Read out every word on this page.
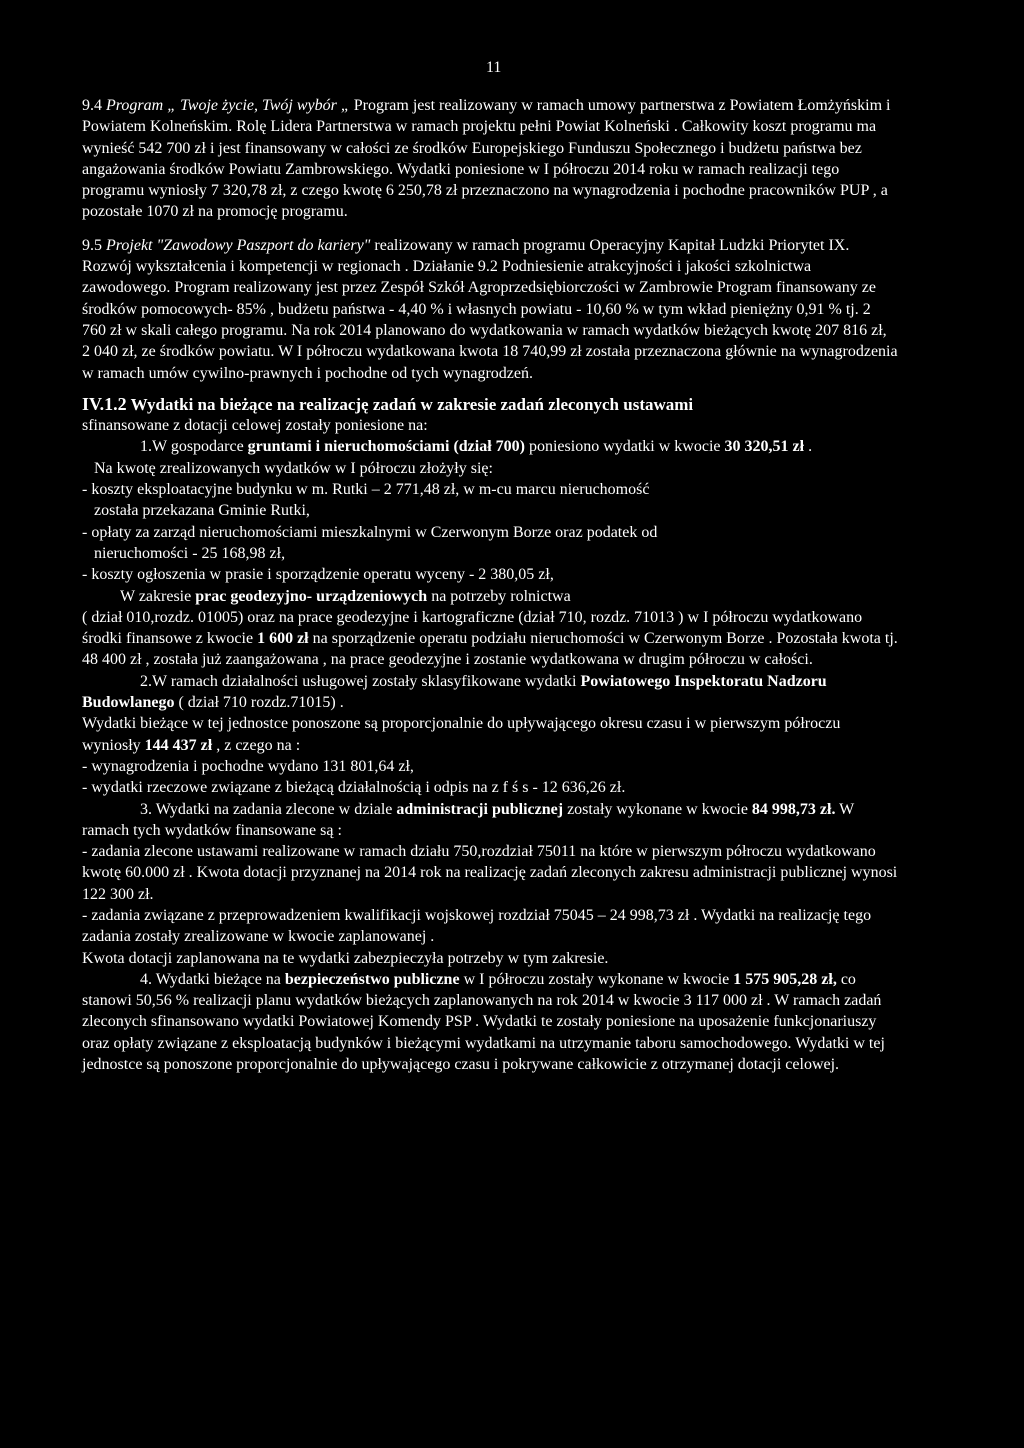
11

9.4 Program „ Twoje życie, Twój wybór „ Program jest realizowany w ramach umowy partnerstwa z Powiatem Łomżyńskim i Powiatem Kolneńskim. Rolę Lidera Partnerstwa w ramach projektu pełni Powiat Kolneński . Całkowity koszt programu ma wynieść 542 700 zł i jest finansowany w całości ze środków Europejskiego Funduszu Społecznego i budżetu państwa bez angażowania środków Powiatu Zambrowskiego. Wydatki poniesione w I półroczu 2014 roku w ramach realizacji tego programu wyniosły 7 320,78 zł, z czego kwotę 6 250,78 zł przeznaczono na wynagrodzenia i pochodne pracowników PUP , a pozostałe 1070 zł na promocję programu.

9.5 Projekt "Zawodowy Paszport do kariery" realizowany w ramach programu Operacyjny Kapitał Ludzki Priorytet IX. Rozwój wykształcenia i kompetencji w regionach . Działanie 9.2 Podniesienie atrakcyjności i jakości szkolnictwa zawodowego. Program realizowany jest przez Zespół Szkół Agroprzedsiębiorczości w Zambrowie Program finansowany ze środków pomocowych- 85% , budżetu państwa - 4,40 % i własnych powiatu - 10,60 % w tym wkład pieniężny 0,91 % tj. 2 760 zł w skali całego programu. Na rok 2014 planowano do wydatkowania w ramach wydatków bieżących kwotę 207 816 zł, 2 040 zł, ze środków powiatu. W I półroczu wydatkowana kwota 18 740,99 zł została przeznaczona głównie na wynagrodzenia w ramach umów cywilno-prawnych i pochodne od tych wynagrodzeń.

IV.1.2 Wydatki na bieżące na realizację zadań w zakresie zadań zleconych ustawami

sfinansowane z dotacji celowej zostały poniesione na:

1.W gospodarce gruntami i nieruchomościami (dział 700) poniesiono wydatki w kwocie 30 320,51 zł .

Na kwotę zrealizowanych wydatków w I półroczu złożyły się:

- koszty eksploatacyjne budynku w m. Rutki – 2 771,48 zł, w m-cu marcu nieruchomość

została przekazana Gminie Rutki,

- opłaty za zarząd nieruchomościami mieszkalnymi w Czerwonym Borze oraz podatek od

nieruchomości - 25 168,98 zł,

- koszty ogłoszenia w prasie i sporządzenie operatu wyceny - 2 380,05 zł,

W zakresie prac geodezyjno- urządzeniowych na potrzeby rolnictwa

( dział 010,rozdz. 01005) oraz na prace geodezyjne i kartograficzne (dział 710, rozdz. 71013 ) w I półroczu wydatkowano środki finansowe z kwocie 1 600 zł na sporządzenie operatu podziału nieruchomości w Czerwonym Borze . Pozostała kwota tj. 48 400 zł , została już zaangażowana , na prace geodezyjne i zostanie wydatkowana w drugim półroczu w całości.

2.W ramach działalności usługowej zostały sklasyfikowane wydatki Powiatowego Inspektoratu Nadzoru Budowlanego ( dział 710 rozdz.71015) .

Wydatki bieżące w tej jednostce ponoszone są proporcjonalnie do upływającego okresu czasu i w pierwszym półroczu wyniosły 144 437 zł , z czego na :

- wynagrodzenia i pochodne wydano 131 801,64 zł,

- wydatki rzeczowe związane z bieżącą działalnością i odpis na z f ś s - 12 636,26 zł.

3. Wydatki na zadania zlecone w dziale administracji publicznej zostały wykonane w kwocie 84 998,73 zł. W ramach tych wydatków finansowane są :

- zadania zlecone ustawami realizowane w ramach działu 750,rozdział 75011 na które w pierwszym półroczu wydatkowano kwotę 60.000 zł . Kwota dotacji przyznanej na 2014 rok na realizację zadań zleconych zakresu administracji publicznej wynosi 122 300 zł.

- zadania związane z przeprowadzeniem kwalifikacji wojskowej rozdział 75045 – 24 998,73 zł . Wydatki na realizację tego zadania zostały zrealizowane w kwocie zaplanowanej .

Kwota dotacji zaplanowana na te wydatki zabezpieczyła potrzeby w tym zakresie.

4. Wydatki bieżące na bezpieczeństwo publiczne w I półroczu zostały wykonane w kwocie 1 575 905,28 zł, co stanowi 50,56 % realizacji planu wydatków bieżących zaplanowanych na rok 2014 w kwocie 3 117 000 zł . W ramach zadań zleconych sfinansowano wydatki Powiatowej Komendy PSP . Wydatki te zostały poniesione na uposażenie funkcjonariuszy oraz opłaty związane z eksploatacją budynków i bieżącymi wydatkami na utrzymanie taboru samochodowego. Wydatki w tej jednostce są ponoszone proporcjonalnie do upływającego czasu i pokrywane całkowicie z otrzymanej dotacji celowej.
